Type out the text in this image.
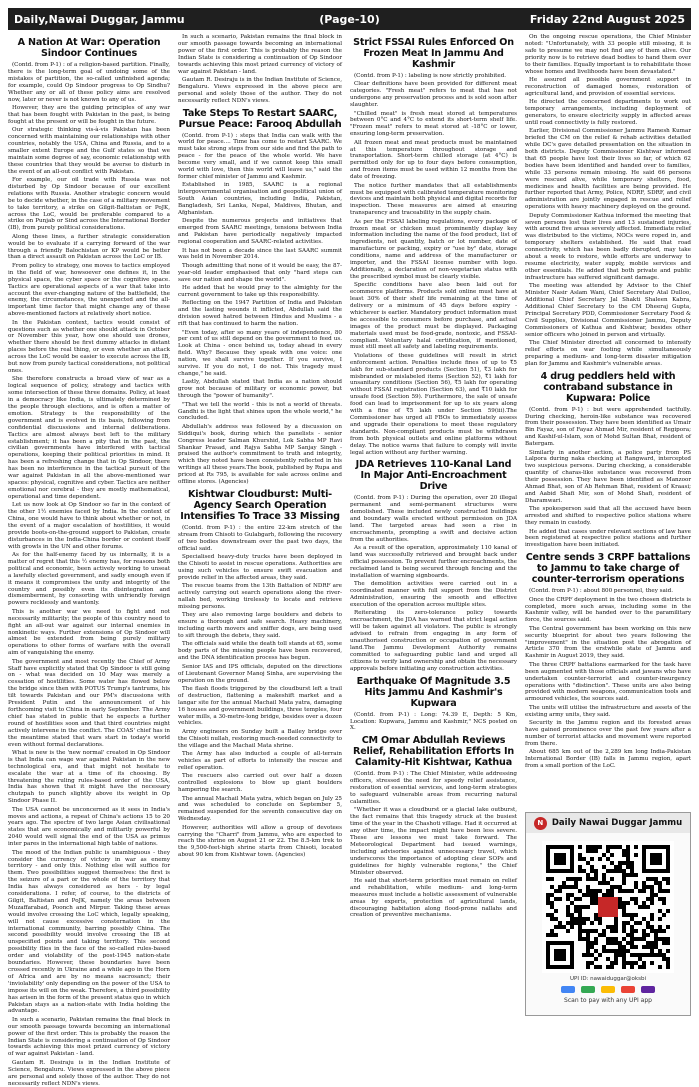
Daily,Nawai Duggar, Jammu	(Page-10)	Friday 22nd August 2025
A Nation At War: Operation Sindoor Continues

(Contd. from P-1) : of a religion-based partition. Finally, there is the long-term goal of undoing some of the mistakes of partition, the so-called unfinished agenda; for example, could Op Sindoor progress to Op Sindhu? Whether any or all of these policy aims are resolved now, later or never is not known to any of us.

However, they are the guiding principles of any war that has been fought with Pakistan in the past, is being fought at the present or will be fought in the future.

Our strategic thinking vis-à-vis Pakistan has been concerned with maintaining our relationships with other countries, notably the USA, China and Russia, and to a smaller extent Europe and the Gulf states so that we maintain some degree of say, economic relationship with these countries that they would be averse to disturb in the event of an all-out conflict with Pakistan.

For example, our oil trade with Russia was not disturbed by Op Sindoor because of our excellent relations with Russia. Another strategic concern would be to decide whether, in the case of a military movement to take territory, a strike on Gilgit-Baltistan or PoJK, across the LoC, would be preferable compared to a strike on Punjab or Sind across the International Border (IB), from purely political considerations.

Along these lines, a further strategic consideration would be to evaluate if a carrying forward of the war through a friendly Balochistan or KP would be better than a direct assault on Pakistan across the LoC or IB.

From policy to strategy, one moves to tactics employed in the field of war, howsoever one defines it, in the physical space, the cyber space or the cognitive space. Tactics are operational aspects of a war that take into account the ever-changing nature of the battlefield, the enemy, the circumstances, the unexpected and the all-important time factor that might change any of these above-mentioned factors at relatively short notice.

In the Pakistan context, tactics would consist of questions such as whether one should attack in October or November this year, how one should use drones, whether there should be first dummy attacks in distant places before the real thing, or even whether an attack across the LoC would be easier to execute across the IB, but now from purely tactical considerations, not political ones.

She therefore constructs a broad view of war as a logical sequence of policy, strategy and tactics with some intersection of these three domains. Policy, at least in a democracy like India, is ultimately determined by the people through elections, and is often a matter of emotion. Strategy is the responsibility of the government and is evolved in its basis, following from confidential discussions and internal deliberations. Tactics are almost always best left to the military establishment; it has been a pity that in the past, the civilian governments have interfered with tactical operations, keeping their political priorities in mind. It has been a refreshing change that in Op Sindoor, there has been no interference in the tactical pursuit of the war against Pakistan in all the above-mentioned war spaces: physical, cognitive and cyber. Tactics are neither emotional nor cerebral - they are mostly mathematical, operational and time dependent.

Let us now look at Op Sindoor so far in the context of the other 1½ enemies faced by India. In the context of China, one would have to think about whether or not, in the event of a major escalation of hostilities, it would provide boots-on-the-ground support to Pakistan, create disturbances in the India-China border or content itself with growls in the UN and other forums.

As for the half-enemy faced by us internally, it is a matter of regret that this ½ enemy has, for reasons both political and economic, been actively working to unseat a lawfully elected government, and sadly enough even if it means it compromises the unity and integrity of the country and possibly even its disintegration and dismemberment, by consorting with unfriendly foreign powers recklessly and wantonly.

This is another war we need to fight and not necessarily militarily; the people of this country need to fight an all-out war against our internal enemies in nonkinetic ways. Further extensions of Op Sindoor will almost be extended from being purely military operations to other forms of warfare with the overall aim of vanquishing the enemy.

The government and most recently the Chief of Army Staff have explicitly stated that Op Sindoor is still going on - what was decided on 10 May was merely a cessation of hostilities. Some water has flowed below the bridge since then with POTUS Trump's tantrums, his tilt towards Pakistan and our PM's discussions with President Putin and the announcement of his forthcoming visit to China in early September. The Army chief has stated in public that he expects a further round of hostilities soon and that third countries might actively intervene in the conflict. The COAS' chief has in the meantime stated that wars start in today's world even without formal declarations.

What is new is the 'new normal' created in Op Sindoor is that India can wage war against Pakistan in the new technological era, and that might not hesitate to escalate the war at a time of its choosing. By threatening the ruling rules-based order of the USA, India has shown that it might have the necessary chutzpah to punch slightly above its weight in Op Sindoor Phase II.

The USA cannot be unconcerned as it sees in India's moves and actions, a repeat of China's actions 15 to 20 years ago. The spectre of two large Asian civilisational states that are economically and militarily powerful by 2040 would well signal the end of the USA as primus inter pares in the international high table of nations.

The mood of the Indian public is unambiguous - they consider the currency of victory in war as enemy territory - and only this. Nothing else will suffice for them. Two possibilities suggest themselves: the first is the seizure of a part or the whole of the territory that India has always considered as hers - by legal considerations. I refer, of course, to the districts of Gilgit, Baltistan and PoJK, namely the areas between Muzaffarabad, Poonch and Mirpur. Taking these areas would involve crossing the LoC which, legally speaking, will not cause excessive consternation in the international community, barring possibly China. The second possibility would involve crossing the IB at unspecified points and taking territory. This second possibility flies in the face of the so-called rules-based order and violability of the post-1945 nation-state boundaries. However, these boundaries have been crossed recently in Ukraine and a while ago in the Horn of Africa and are by no means sacrosanct; their 'inviolability' only depending on the power of the USA to impose its will on the weak. Therefore, a third possibility has arisen in the form of the present status quo in which Pakistan stays as a nation-state with India holding the advantage.

In such a scenario, Pakistan remains the final block in our smooth passage towards becoming an international power of the first order. This is probably the reason the Indian State is considering a continuation of Op Sindoor towards achieving this most prized currency of victory of war against Pakistan - land.

Gautam R. Desiraju is in the Indian Institute of Science, Bengaluru. Views expressed in the above piece are personal and solely those of the author. They do not necessarily reflect NDN's views.

In such a scenario, Pakistan remains the final block in our smooth passage towards becoming an international power of the first order. This is probably the reason the Indian State is considering a continuation of Op Sindoor towards achieving this most prized currency of victory of war against Pakistan - land.

Gautam R. Desiraju is in the Indian Institute of Science, Bengaluru. Views expressed in the above piece are personal and solely those of the author. They do not necessarily reflect NDN's views.

Take Steps To Restart SAARC, Pursue Peace: Farooq Abdullah

(Contd. from P-1) : steps that India can walk with the world for peace.... Time has come to restart SAARC. We must take strong steps from our side and find the path to peace - for the peace of the whole world. We have become very small, and if we cannot keep this small world with love, then this world will leave us," said the former chief minister of Jammu and Kashmir.

Established in 1985, SAARC is a regional intergovernmental organisation and geopolitical union of South Asian countries, including India, Pakistan, Bangladesh, Sri Lanka, Nepal, Maldives, Bhutan, and Afghanistan.

Despite the numerous projects and initiatives that emerged from SAARC meetings, tensions between India and Pakistan have periodically negatively impacted regional cooperation and SAARC-related activities.

It has not been a decade since the last SAARC summit was held in November 2014.

Though admitting that none of it would be easy, the 87-year-old leader emphasised that only "hard steps can save our nation and shape the world".

He added that he would pray to the almighty for the current government to take up this responsibility.

Reflecting on the 1947 Partition of India and Pakistan and the lasting wounds it inflicted, Abdullah said the division sowed hatred between Hindus and Muslims - a rift that has continued to harm the nation.

"Even today, after so many years of independence, 80 per cent of us still depend on the government to feed us. Look at China - once behind us, today ahead in every field. Why? Because they speak with one voice: one nation, we shall survive together. If you survive, I survive. If you do not, I do not. This tragedy must change," he said.

Lastly, Abdullah stated that India as a nation should grow not because of military or economic power, but through the "power of humanity".

"That we tell the world - this is not a world of threats. Gandhi is the light that shines upon the whole world," he concluded.

Abdullah's address was followed by a discussion on Siddiqui's book, during which the panelists - senior Congress leader Salman Khurshid, Lok Sabha MP Ravi Shankar Prasad, and Rajya Sabha MP Sanjay Singh - praised the author's commitment to truth and integrity, which they noted have been consistently reflected in his writings all these years.The book, published by Rupa and priced at Rs 795, is available for sale across online and offline stores. (Agencies)

Kishtwar Cloudburst: Multi-Agency Search Operation Intensifies To Trace 33 Missing

(Contd. from P-1) : the entire 22-km stretch of the stream from Chisoti to Gulabgarh, following the recovery of two bodies downstream over the past two days, the official said.

Specialised heavy-duty trucks have been deployed in the Chisoti to assist in rescue operations. Authorities are using such vehicles to ensure swift evacuation and provide relief in the affected areas, they said.

The rescue teams from the 13th Battalion of NDRF are actively carrying out search operations along the river-nallah bed, working tirelessly to locate and retrieve missing persons.

They are also removing large boulders and debris to ensure a thorough and safe search. Heavy machinery, including earth movers and sniffer dogs, are being used to sift through the debris, they said.

The officials said while the death toll stands at 65, some body parts of the missing people have been recovered, and the DNA identification process has begun.

Senior IAS and IPS officials, deputed on the directions of Lieutenant Governor Manoj Sinha, are supervising the operation on the ground.

The flash floods triggered by the cloudburst left a trail of destruction, flattening a makeshift market and a langar site for the annual Machail Mata yatra, damaging 16 houses and government buildings, three temples, four water mills, a 30-metre-long bridge, besides over a dozen vehicles.

Army engineers on Sunday built a Bailey bridge over the Chisoti nullah, restoring much-needed connectivity to the village and the Machail Mata shrine.

The Army has also inducted a couple of all-terrain vehicles as part of efforts to intensify the rescue and relief operation.

The rescuers also carried out over half a dozen controlled explosions to blow up giant boulders hampering the search.

The annual Machail Mata yatra, which began on July 25 and was scheduled to conclude on September 5, remained suspended for the seventh consecutive day on Wednesday.

However, authorities will allow a group of devotees carrying the "Charri" from Jammu, who are expected to reach the shrine on August 21 or 22. The 8.5-km trek to the 9,500-feet-high shrine starts from Chisoti, located about 90 km from Kishtwar town. (Agencies)

Strict FSSAI Rules Enforced On Frozen Meat In Jammu And Kashmir

(Contd. from P-1) : labeling is now strictly prohibited.

Clear definitions have been provided for different meat categories. "Fresh meat" refers to meat that has not undergone any preservation process and is sold soon after slaughter.

"Chilled meat" is fresh meat stored at temperatures between 0°C and 4°C to extend its short-term shelf life. "Frozen meat" refers to meat stored at -18°C or lower, ensuring long-term preservation.

All frozen meat and meat products must be maintained at this temperature throughout storage and transportation. Short-term chilled storage (at 4°C) is permitted only for up to four days before consumption, and frozen items must be used within 12 months from the date of freezing.

The notice further mandates that all establishments must be equipped with calibrated temperature monitoring devices and maintain both physical and digital records for inspection. These measures are aimed at ensuring transparency and traceability in the supply chain.

As per the FSSAI labeling regulations, every package of frozen meat or chicken must prominently display key information including the name of the food product, list of ingredients, net quantity, batch or lot number, date of manufacture or packing, expiry or "use by" date, storage conditions, name and address of the manufacturer or importer, and the FSSAI license number with logo. Additionally, a declaration of non-vegetarian status with the prescribed symbol must be clearly visible.

Specific conditions have also been laid out for ecommerce platforms. Products sold online must have at least 30% of their shelf life remaining at the time of delivery or a minimum of 45 days before expiry - whichever is earlier. Mandatory product information must be accessible to consumers before purchase, and actual images of the product must be displayed. Packaging materials used must be food-grade, nontoxic, and FSSAI-compliant. Voluntary halal certification, if mentioned, must still meet all safety and labeling requirements.

Violations of these guidelines will result in strict enforcement action. Penalties include fines of up to ₹5 lakh for sub-standard products (Section 51), ₹3 lakh for misbranded or mislabeled items (Section 52), ₹1 lakh for unsanitary conditions (Section 56), ₹5 lakh for operating without FSSAI registration (Section 63), and ₹10 lakh for unsafe food (Section 59). Furthermore, the sale of unsafe food can lead to imprisonment for up to six years along with a fine of ₹5 lakh under Section 59(iii).The Commissioner has urged all FBOs to immediately assess and upgrade their operations to meet these regulatory standards. Non-compliant products must be withdrawn from both physical outlets and online platforms without delay. The notice warns that failure to comply will invite legal action without any further warning.

JDA Retrieves 110-Kanal Land In Major Anti-Encroachment Drive

(Contd. from P-1) : During the operation, over 20 illegal permanent and semi-permanent structures were demolished. These included newly constructed buildings and boundary walls erected without permission on JDA land. The targeted areas had seen a rise in encroachments, prompting a swift and decisive action from the authorities.

As a result of the operation, approximately 110 kanal of land was successfully retrieved and brought back under official possession. To prevent further encroachments, the reclaimed land is being secured through fencing and the installation of warning signboards.

The demolition activities were carried out in a coordinated manner with full support from the District Administration, ensuring the smooth and effective execution of the operation across multiple sites.

Reiterating its zero-tolerance policy towards encroachment, the JDA has warned that strict legal action will be taken against all violators. The public is strongly advised to refrain from engaging in any form of unauthorised construction or occupation of government land.The Jammu Development Authority remains committed to safeguarding public land and urged all citizens to verify land ownership and obtain the necessary approvals before initiating any construction activities.

Earthquake Of Magnitude 3.5 Hits Jammu And Kashmir's Kupwara

(Contd. from P-1) : Long: 74.39 E, Depth: 5 Km, Location: Kupwara, Jammu and Kashmir," NCS posted on X.

CM Omar Abdullah Reviews Relief, Rehabilitation Efforts In Calamity-Hit Kishtwar, Kathua

(Contd. from P-1) : The Chief Minister, while addressing officers, stressed the need for speedy relief assistance, restoration of essential services, and long-term strategies to safeguard vulnerable areas from recurring natural calamities.

"Whether it was a cloudburst or a glacial lake outburst, the fact remains that this tragedy struck at the busiest time of the year in the Chashoti village. Had it occurred at any other time, the impact might have been less severe. These are lessons we must take forward. The Meteorological Department had issued warnings, including advisories against unnecessary travel, which underscores the importance of adopting clear SOPs and guidelines for highly vulnerable regions," the Chief Minister observed.

He said that short-term priorities must remain on relief and rehabilitation, while medium- and long-term measures must include a holistic assessment of vulnerable areas by experts, protection of agricultural lands, discouraging habitation along flood-prone nallahs and creation of preventive mechanisms.

On the ongoing rescue operations, the Chief Minister noted: "Unfortunately, with 33 people still missing, it is safe to presume we may not find any of them alive. Our priority now is to retrieve dead bodies to hand them over to their families. Equally important is to rehabilitate those whose homes and livelihoods have been devastated."

He assured all possible government support in reconstruction of damaged homes, restoration of agricultural land, and provision of essential services.

He directed the concerned departments to work out temporary arrangements, including deployment of generators, to ensure electricity supply in affected areas until road connectivity is fully restored.

Earlier, Divisional Commissioner Jammu Ramesh Kumar briefed the CM on the relief & rehab activities detailed while DC's gave detailed presentation on the situation in both districts. Deputy Commissioner Kishtwar informed that 65 people have lost their lives so far, of which 62 bodies have been identified and handed over to families, while 33 persons remain missing. He said 66 persons were rescued alive, while temporary shelters, food, medicines and health facilities are being provided. He further reported that Army, Police, NDRF, SDRF, and civil administration are jointly engaged in rescue and relief operations with heavy machinery deployed on the ground.

Deputy Commissioner Kathua informed the meeting that seven persons lost their lives and 13 sustained injuries, with around five areas severely affected. Immediate relief was distributed to the victims, NOCs were roped in, and temporary shelters established. He said that road connectivity, which has been badly disrupted, may take about a week to restore, while efforts are underway to resume electricity, water supply, mobile services and other essentials. He added that both private and public infrastructure has suffered significant damage.

The meeting was attended by Advisor to the Chief Minister Nasir Aslam Wani, Chief Secretary Atal Dulloo, Additional Chief Secretary Jal Shakti Shaleen Kabra, Additional Chief Secretary to the CM Dheeraj Gupta, Principal Secretary PDD, Commissioner Secretary Food & Civil Supplies, Divisional Commissioner Jammu, Deputy Commissioners of Kathua and Kishtwar, besides other senior officers who joined in person and virtually.

The Chief Minister directed all concerned to intensify relief efforts on war footing while simultaneously preparing a medium- and long-term disaster mitigation plan for Jammu and Kashmir's vulnerable areas.

4 drug peddlers held with contraband substance in Kupwara: Police

(Contd. from P-1) : but were apprehended tactfully. During checking, heroin-like substance was recovered from their possession. They have been identified as Umair Bin Fayaz, son of Fayaz Ahmad Mir, resident of Regipora; and Kashif-ul-Islam, son of Mohd Sultan Bhat, resident of Batergam.

Similarly in another action, a police party from PS Lalpora during naka checking at Rangward, intercepted two suspicious persons. During checking, a considerable quantity of charas-like substance was recovered from their possession. They have been identified as Manzoor Ahmad Bhat, son of Ab Rehman Bhat, resident of Kraasi; and Aabid Shafi Mir, son of Mohd Shafi, resident of Dharamwari.

The spokesperson said that all the accused have been arrested and shifted to respective police stations where they remain in custody.

He added that cases under relevant sections of law have been registered at respective police stations and further investigation have been initiated.

Centre sends 3 CRPF battalions to Jammu to take charge of counter-terrorism operations

(Contd. from P-1) : about 800 personnel, they said.

Once the CRPF deployment in the two chosen districts is completed, more such areas, including some in the Kashmir valley, will be handed over to the paramilitary force, the sources said.

The Central government has been working on this new security blueprint for about two years following the "improvement" in the situation post the abrogation of Article 370 from the erstwhile state of Jammu and Kashmir in August 2019, they said.

The three CRPF battalions earmarked for the task have been augmented with those officials and jawans who have undertaken counter-terrorist and counter-insurgency operations with "distinction". These units are also being provided with modern weapons, communication tools and armoured vehicles, the sources said.

The units will utilise the infrastructure and assets of the existing army units, they said.

Security in the Jammu region and its forested areas have gained prominence over the past few years after a number of terrorist attacks and movement were reported from there.

About 685 km out of the 2,289 km long India-Pakistan International Border (IB) falls in Jammu region, apart from a small portion of the LoC.

N	Daily Nawai Duggar Jammu
UPI ID: nawaiduggar@oksbi
Scan to pay with any UPI app
